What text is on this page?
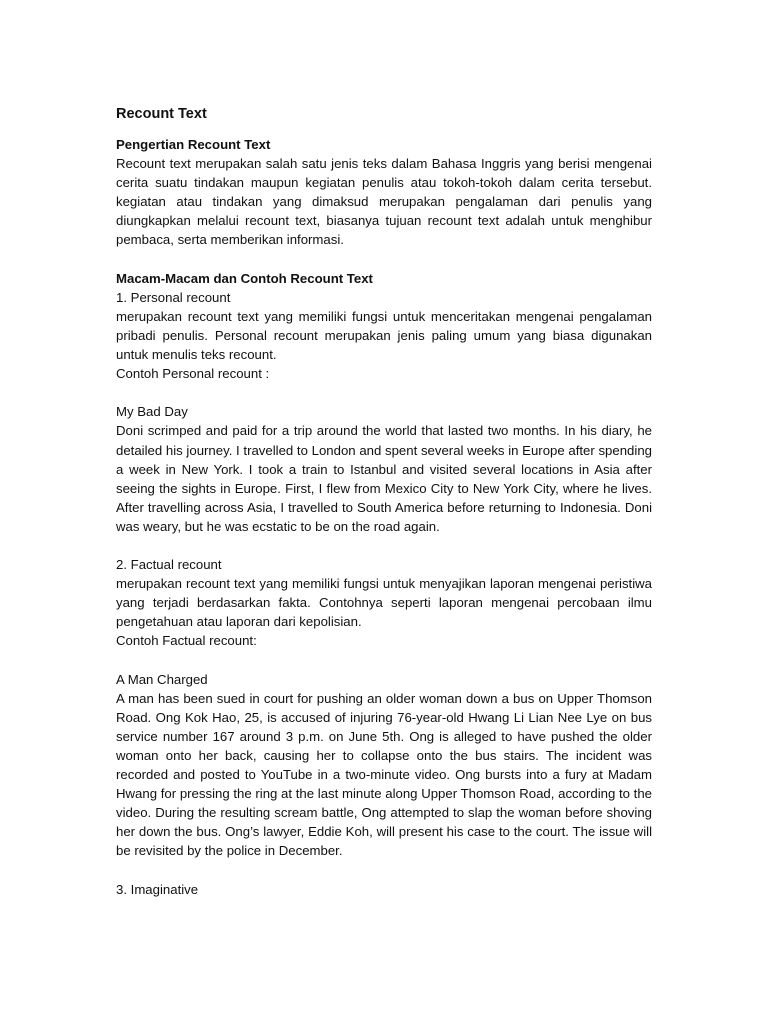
Recount Text

Pengertian Recount Text

Recount text merupakan salah satu jenis teks dalam Bahasa Inggris yang berisi mengenai cerita suatu tindakan maupun kegiatan penulis atau tokoh-tokoh dalam cerita tersebut. kegiatan atau tindakan yang dimaksud merupakan pengalaman dari penulis yang diungkapkan melalui recount text, biasanya tujuan recount text adalah untuk menghibur pembaca, serta memberikan informasi.

Macam-Macam dan Contoh Recount Text

1. Personal recount

merupakan recount text yang memiliki fungsi untuk menceritakan mengenai pengalaman pribadi penulis. Personal recount merupakan jenis paling umum yang biasa digunakan untuk menulis teks recount.

Contoh Personal recount :

My Bad Day

Doni scrimped and paid for a trip around the world that lasted two months. In his diary, he detailed his journey. I travelled to London and spent several weeks in Europe after spending a week in New York. I took a train to Istanbul and visited several locations in Asia after seeing the sights in Europe. First, I flew from Mexico City to New York City, where he lives. After travelling across Asia, I travelled to South America before returning to Indonesia. Doni was weary, but he was ecstatic to be on the road again.

2. Factual recount

merupakan recount text yang memiliki fungsi untuk menyajikan laporan mengenai peristiwa yang terjadi berdasarkan fakta. Contohnya seperti laporan mengenai percobaan ilmu pengetahuan atau laporan dari kepolisian.

Contoh Factual recount:

A Man Charged

A man has been sued in court for pushing an older woman down a bus on Upper Thomson Road. Ong Kok Hao, 25, is accused of injuring 76-year-old Hwang Li Lian Nee Lye on bus service number 167 around 3 p.m. on June 5th. Ong is alleged to have pushed the older woman onto her back, causing her to collapse onto the bus stairs. The incident was recorded and posted to YouTube in a two-minute video. Ong bursts into a fury at Madam Hwang for pressing the ring at the last minute along Upper Thomson Road, according to the video. During the resulting scream battle, Ong attempted to slap the woman before shoving her down the bus. Ong’s lawyer, Eddie Koh, will present his case to the court. The issue will be revisited by the police in December.

3. Imaginative
